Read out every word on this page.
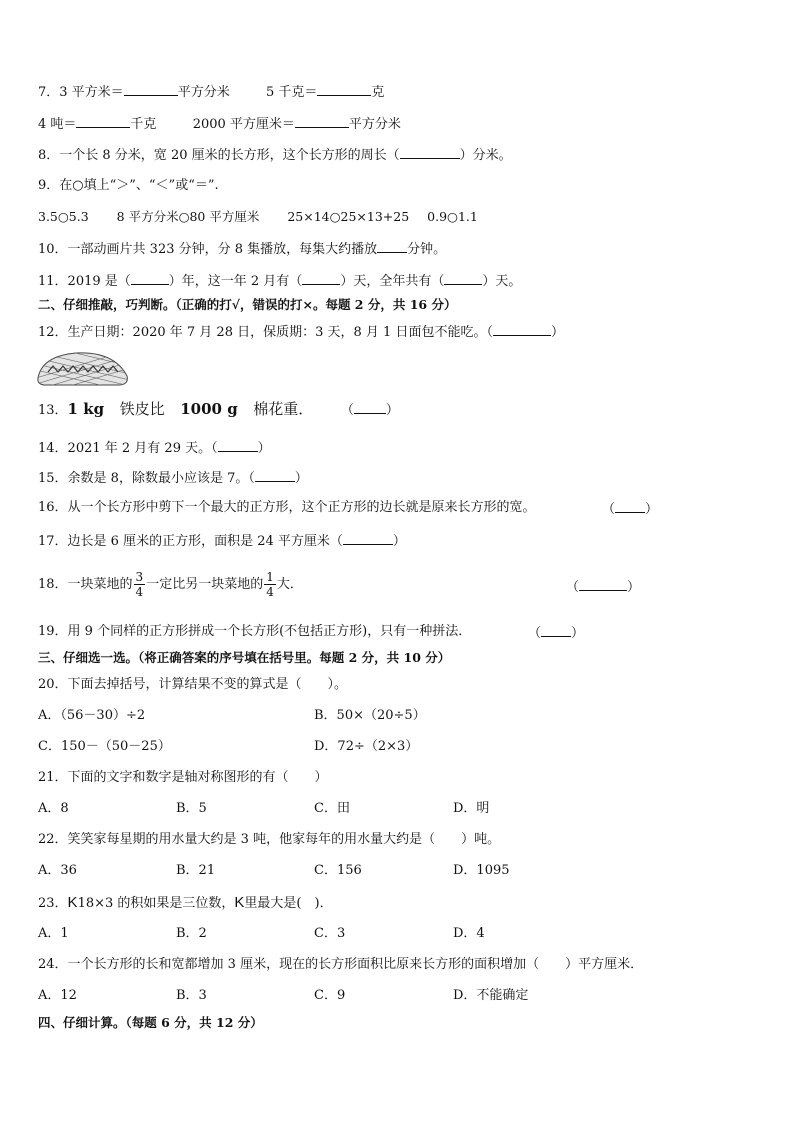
7．3 平方米＝	平方分米	5 千克＝	克
4 吨＝	千克	2000 平方厘米＝	平方分米
8．一个长 8 分米，宽 20 厘米的长方形，这个长方形的周长（	）分米。
9．在○填上“＞”、“＜”或“＝”.
3.5○5.3 8 平方分米○80 平方厘米 25×14○25×13+25 0.9○1.1
10．一部动画片共 323 分钟，分 8 集播放，每集大约播放 分钟。
11．2019 是（	）年，这一年 2 月有（	）天，全年共有（	）天。
二、仔细推敲，巧判断。（正确的打√，错误的打×。每题 2 分，共 16 分）
12．生产日期：2020 年 7 月 28 日，保质期：3 天，8 月 1 日面包不能吃。（	）
13．1 kg 铁皮比 1000 g 棉花重． （ ）
14．2021 年 2 月有 29 天。（	）
15．余数是 8，除数最小应该是 7。（	）
16．从一个长方形中剪下一个最大的正方形，这个正方形的边长就是原来长方形的宽。	（ ）
17．边长是 6 厘米的正方形，面积是 24 平方厘米（	）
18．一块菜地的 $\frac{3}{4}$ 一定比另一块菜地的 $\frac{1}{4}$ 大．	（	）
19．用 9 个同样的正方形拼成一个长方形(不包括正方形)，只有一种拼法．	（ ）
三、仔细选一选。（将正确答案的序号填在括号里。每题 2 分，共 10 分）
20．下面去掉括号，计算结果不变的算式是（　　）。
A．（56－30）÷2	B．50×（20÷5）
C．150－（50－25）	D．72÷（2×3）
21．下面的文字和数字是轴对称图形的有（　　）
A．8	B．5	C．田	D．明
22．笑笑家每星期的用水量大约是 3 吨，他家每年的用水量大约是（　　）吨。
A．36	B．21	C．156	D．1095
23．K18×3 的积如果是三位数，K里最大是(　)．
A．1	B．2	C．3	D．4
24．一个长方形的长和宽都增加 3 厘米，现在的长方形面积比原来长方形的面积增加（　　）平方厘米．
A．12	B．3	C．9	D．不能确定
四、仔细计算。（每题 6 分，共 12 分）
